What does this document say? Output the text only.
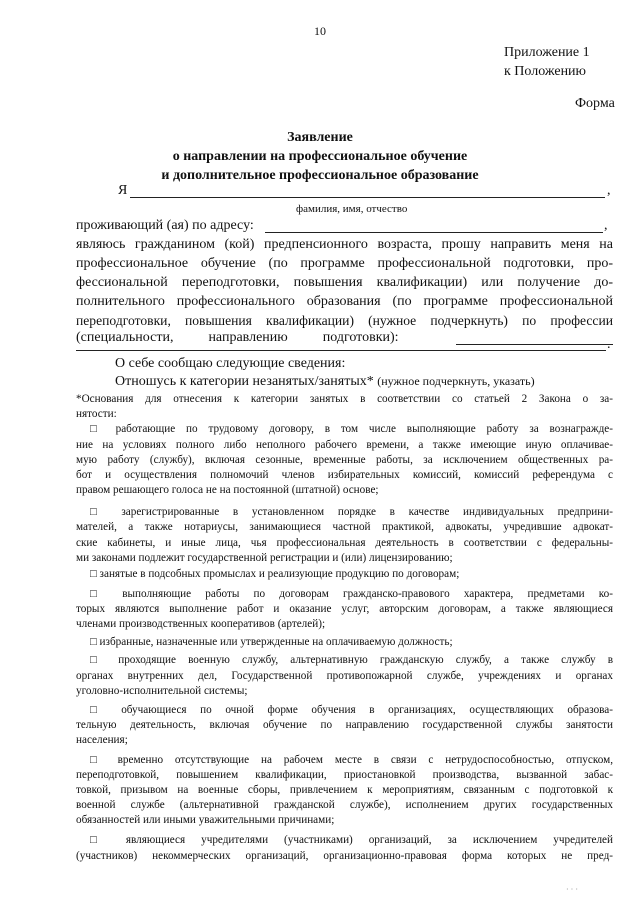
10
Приложение 1
к Положению
Форма
Заявление
о направлении на профессиональное обучение
и дополнительное профессиональное образование
Я	,
фамилия, имя, отчество
проживающий (ая) по адресу:	,
являюсь гражданином (кой) предпенсионного возраста, прошу направить меня на
профессиональное обучение (по программе профессиональной подготовки, про-
фессиональной переподготовки, повышения квалификации) или получение до-
полнительного профессионального образования (по программе профессиональной
переподготовки, повышения квалификации) (нужное подчеркнуть) по профессии
(специальности,          направлению          подготовки):	.
О себе сообщаю следующие сведения:
Отношусь к категории незанятых/занятых* (нужное подчеркнуть, указать)
*Основания для отнесения к категории занятых в соответствии со статьей 2 Закона о за-
нятости:
□ работающие по трудовому договору, в том числе выполняющие работу за вознагражде-
ние на условиях полного либо неполного рабочего времени, а также имеющие иную оплачивае-
мую работу (службу), включая сезонные, временные работы, за исключением общественных ра-
бот и осуществления полномочий членов избирательных комиссий, комиссий референдума с
правом решающего голоса не на постоянной (штатной) основе;
□ зарегистрированные в установленном порядке в качестве индивидуальных предприни-
мателей, а также нотариусы, занимающиеся частной практикой, адвокаты, учредившие адвокат-
ские кабинеты, и иные лица, чья профессиональная деятельность в соответствии с федеральны-
ми законами подлежит государственной регистрации и (или) лицензированию;
□ занятые в подсобных промыслах и реализующие продукцию по договорам;
□ выполняющие работы по договорам гражданско-правового характера, предметами ко-
торых являются выполнение работ и оказание услуг, авторским договорам, а также являющиеся
членами производственных кооперативов (артелей);
□ избранные, назначенные или утвержденные на оплачиваемую должность;
□ проходящие военную службу, альтернативную гражданскую службу, а также службу в
органах внутренних дел, Государственной противопожарной службе, учреждениях и органах
уголовно-исполнительной системы;
□ обучающиеся по очной форме обучения в организациях, осуществляющих образова-
тельную деятельность, включая обучение по направлению государственной службы занятости
населения;
□ временно отсутствующие на рабочем месте в связи с нетрудоспособностью, отпуском,
переподготовкой, повышением квалификации, приостановкой производства, вызванной забас-
товкой, призывом на военные сборы, привлечением к мероприятиям, связанным с подготовкой к
военной службе (альтернативной гражданской службе), исполнением других государственных
обязанностей или иными уважительными причинами;
□ являющиеся учредителями (участниками) организаций, за исключением учредителей
(участников) некоммерческих организаций, организационно-правовая форма которых не пред-
· · ·
